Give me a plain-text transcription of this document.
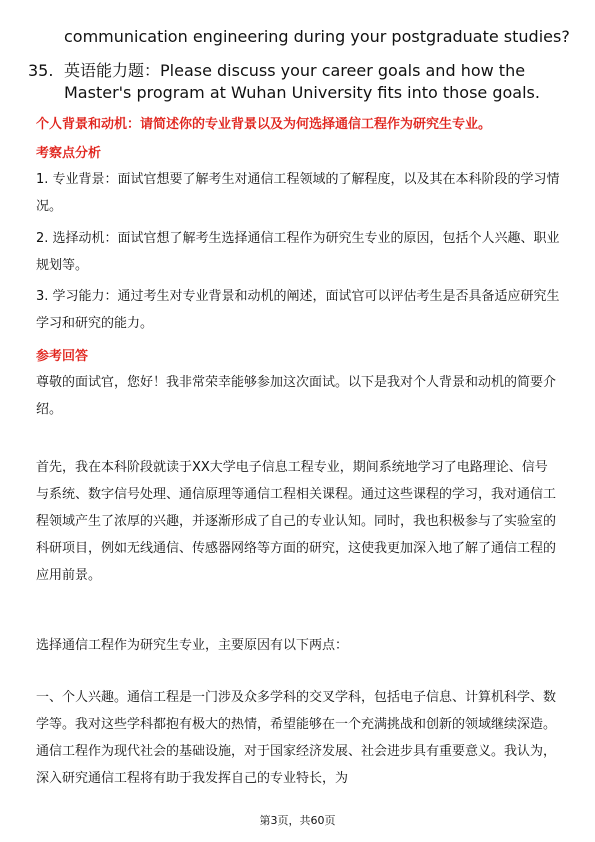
communication engineering during your postgraduate studies?
35. 英语能力题：Please discuss your career goals and how the Master's program at Wuhan University fits into those goals.
个人背景和动机：请简述你的专业背景以及为何选择通信工程作为研究生专业。
考察点分析

1. 专业背景：面试官想要了解考生对通信工程领域的了解程度，以及其在本科阶段的学习情况。

2. 选择动机：面试官想了解考生选择通信工程作为研究生专业的原因，包括个人兴趣、职业规划等。

3. 学习能力：通过考生对专业背景和动机的阐述，面试官可以评估考生是否具备适应研究生学习和研究的能力。

参考回答

尊敬的面试官，您好！我非常荣幸能够参加这次面试。以下是我对个人背景和动机的简要介绍。

首先，我在本科阶段就读于XX大学电子信息工程专业，期间系统地学习了电路理论、信号与系统、数字信号处理、通信原理等通信工程相关课程。通过这些课程的学习，我对通信工程领域产生了浓厚的兴趣，并逐渐形成了自己的专业认知。同时，我也积极参与了实验室的科研项目，例如无线通信、传感器网络等方面的研究，这使我更加深入地了解了通信工程的应用前景。

选择通信工程作为研究生专业，主要原因有以下两点：

一、个人兴趣。通信工程是一门涉及众多学科的交叉学科，包括电子信息、计算机科学、数学等。我对这些学科都抱有极大的热情，希望能够在一个充满挑战和创新的领域继续深造。通信工程作为现代社会的基础设施，对于国家经济发展、社会进步具有重要意义。我认为，深入研究通信工程将有助于我发挥自己的专业特长，为

第3页，共60页
